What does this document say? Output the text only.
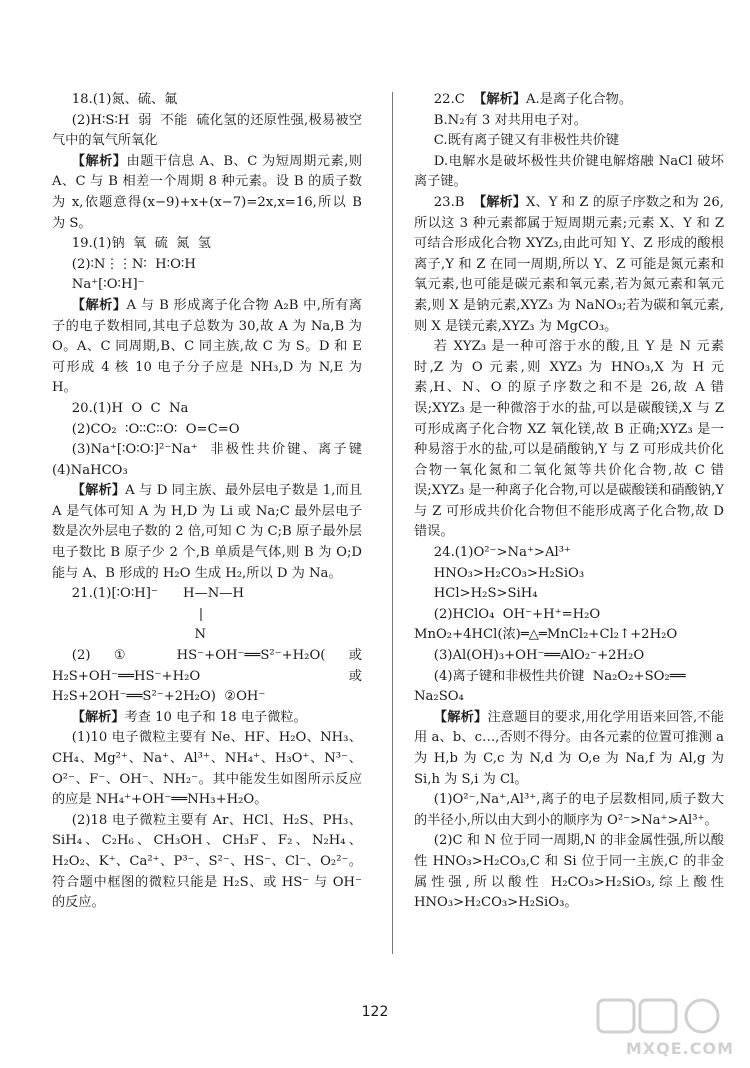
18.(1)氮、硫、氟

(2)H∶S∶H  弱  不能  硫化氢的还原性强,极易被空气中的氧气所氧化

【解析】由题干信息 A、B、C 为短周期元素,则 A、C 与 B 相差一个周期 8 种元素。设 B 的质子数为 x,依题意得(x−9)+x+(x−7)=2x,x=16,所以 B 为 S。

19.(1)钠  氧  硫  氮  氢

(2)∶N⋮⋮N∶  H∶O∶H

Na⁺[∶O∶H]⁻

【解析】A 与 B 形成离子化合物 A₂B 中,所有离子的电子数相同,其电子总数为 30,故 A 为 Na,B 为 O。A、C 同周期,B、C 同主族,故 C 为 S。D 和 E 可形成 4 核 10 电子分子应是 NH₃,D 为 N,E 为 H。

20.(1)H  O  C  Na

(2)CO₂  ∶O∶∶C∶∶O∶  O=C=O

(3)Na⁺[∶O∶O∶]²⁻Na⁺  非极性共价键、离子键  (4)NaHCO₃

【解析】A 与 D 同主族、最外层电子数是 1,而且 A 是气体可知 A 为 H,D 为 Li 或 Na;C 最外层电子数是次外层电子数的 2 倍,可知 C 为 C;B 原子最外层电子数比 B 原子少 2 个,B 单质是气体,则 B 为 O;D 能与 A、B 形成的 H₂O 生成 H₂,所以 D 为 Na。

21.(1)[∶O∶H]⁻      H—N—H

|

N

(2)① HS⁻+OH⁻══S²⁻+H₂O(或 H₂S+OH⁻══HS⁻+H₂O 或 H₂S+2OH⁻══S²⁻+2H₂O)  ②OH⁻

【解析】考查 10 电子和 18 电子微粒。

(1)10 电子微粒主要有 Ne、HF、H₂O、NH₃、CH₄、Mg²⁺、Na⁺、Al³⁺、NH₄⁺、H₃O⁺、N³⁻、O²⁻、F⁻、OH⁻、NH₂⁻。其中能发生如图所示反应的应是 NH₄⁺+OH⁻══NH₃+H₂O。

(2)18 电子微粒主要有 Ar、HCl、H₂S、PH₃、SiH₄、C₂H₆、CH₃OH、CH₃F、F₂、N₂H₄、H₂O₂、K⁺、Ca²⁺、P³⁻、S²⁻、HS⁻、Cl⁻、O₂²⁻。符合题中框图的微粒只能是 H₂S、或 HS⁻ 与 OH⁻ 的反应。

22.C  【解析】A.是离子化合物。

B.N₂有 3 对共用电子对。

C.既有离子键又有非极性共价键

D.电解水是破坏极性共价键电解熔融 NaCl 破坏离子键。

23.B  【解析】X、Y 和 Z 的原子序数之和为 26,所以这 3 种元素都属于短周期元素;元素 X、Y 和 Z 可结合形成化合物 XYZ₃,由此可知 Y、Z 形成的酸根离子,Y 和 Z 在同一周期,所以 Y、Z 可能是氮元素和氧元素,也可能是碳元素和氧元素,若为氮元素和氧元素,则 X 是钠元素,XYZ₃ 为 NaNO₃;若为碳和氧元素,则 X 是镁元素,XYZ₃ 为 MgCO₃。

若 XYZ₃ 是一种可溶于水的酸,且 Y 是 N 元素时,Z 为 O 元素,则 XYZ₃ 为 HNO₃,X 为 H 元素,H、N、O 的原子序数之和不是 26,故 A 错误;XYZ₃ 是一种微溶于水的盐,可以是碳酸镁,X 与 Z 可形成离子化合物 XZ 氧化镁,故 B 正确;XYZ₃ 是一种易溶于水的盐,可以是硝酸钠,Y 与 Z 可形成共价化合物一氧化氮和二氧化氮等共价化合物,故 C 错误;XYZ₃ 是一种离子化合物,可以是碳酸镁和硝酸钠,Y 与 Z 可形成共价化合物但不能形成离子化合物,故 D 错误。

24.(1)O²⁻>Na⁺>Al³⁺

HNO₃>H₂CO₃>H₂SiO₃

HCl>H₂S>SiH₄

(2)HClO₄  OH⁻+H⁺=H₂O

MnO₂+4HCl(浓)═△═MnCl₂+Cl₂↑+2H₂O

(3)Al(OH)₃+OH⁻══AlO₂⁻+2H₂O

(4)离子键和非极性共价键  Na₂O₂+SO₂══

Na₂SO₄

【解析】注意题目的要求,用化学用语来回答,不能用 a、b、c…,否则不得分。由各元素的位置可推测 a 为 H,b 为 C,c 为 N,d 为 O,e 为 Na,f 为 Al,g 为 Si,h 为 S,i 为 Cl。

(1)O²⁻,Na⁺,Al³⁺,离子的电子层数相同,质子数大的半径小,所以由大到小的顺序为 O²⁻>Na⁺>Al³⁺。

(2)C 和 N 位于同一周期,N 的非金属性强,所以酸性 HNO₃>H₂CO₃,C 和 Si 位于同一主族,C 的非金属性强,所以酸性 H₂CO₃>H₂SiO₃,综上酸性 HNO₃>H₂CO₃>H₂SiO₃。

122
MXQE.COM
